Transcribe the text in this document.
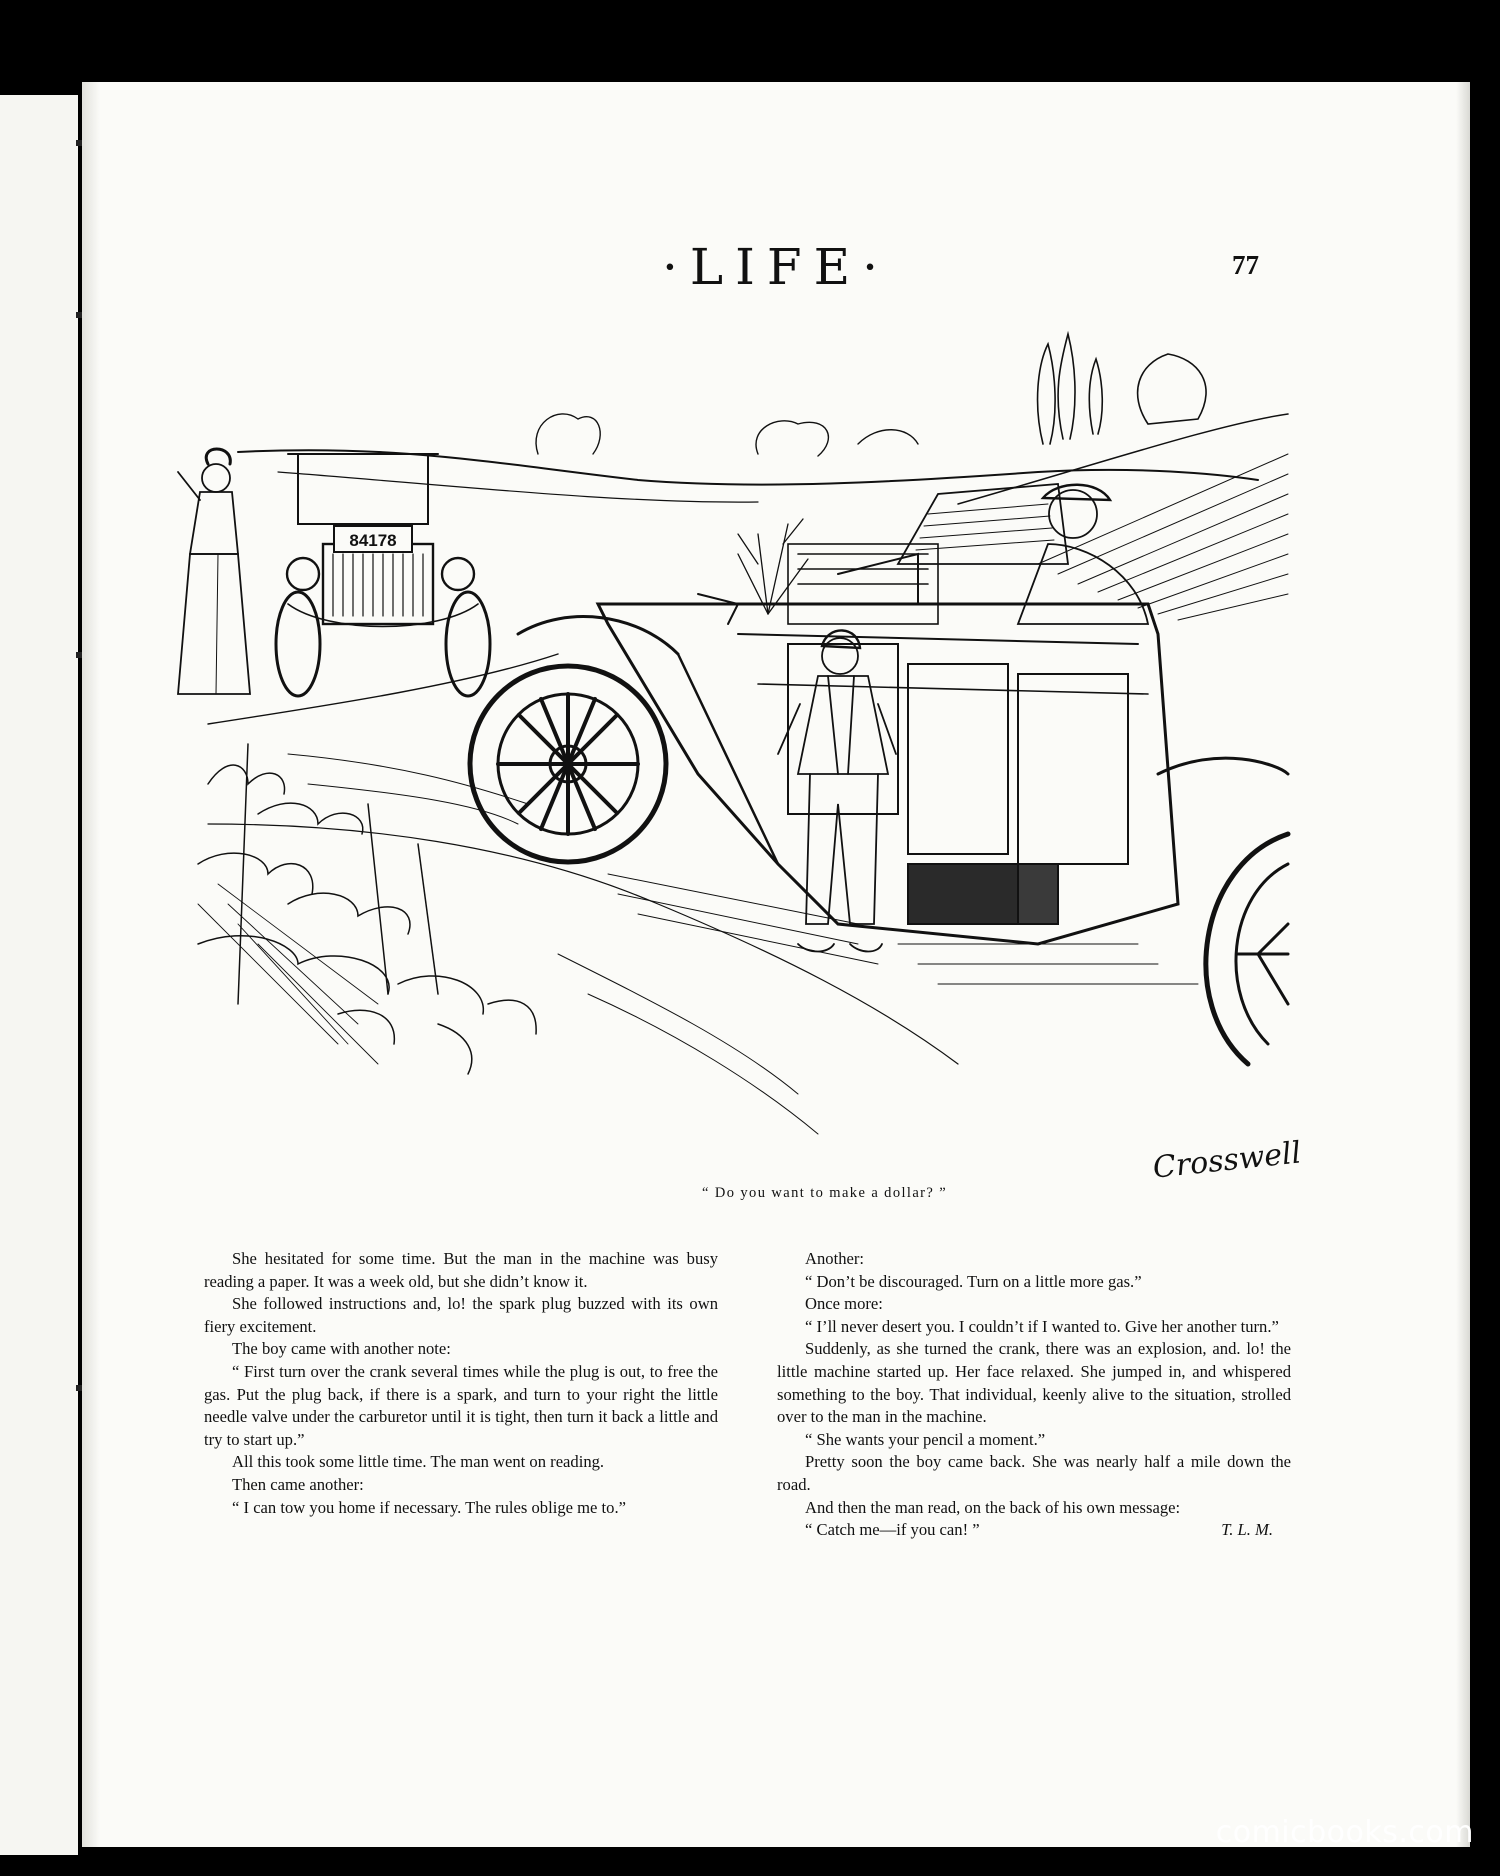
·LIFE·	77
84178
Crosswell
“ Do you want to make a dollar? ”

She hesitated for some time. But the man in the machine was busy reading a paper. It was a week old, but she didn’t know it.

She followed instructions and, lo! the spark plug buzzed with its own fiery excitement.

The boy came with another note:

“ First turn over the crank several times while the plug is out, to free the gas. Put the plug back, if there is a spark, and turn to your right the little needle valve under the carburetor until it is tight, then turn it back a little and try to start up.”

All this took some little time. The man went on reading.

Then came another:

“ I can tow you home if necessary. The rules oblige me to.”

Another:

“ Don’t be discouraged. Turn on a little more gas.”

Once more:

“ I’ll never desert you. I couldn’t if I wanted to. Give her another turn.”

Suddenly, as she turned the crank, there was an explosion, and. lo! the little machine started up. Her face relaxed. She jumped in, and whispered something to the boy. That individual, keenly alive to the situation, strolled over to the man in the machine.

“ She wants your pencil a moment.”

Pretty soon the boy came back. She was nearly half a mile down the road.

And then the man read, on the back of his own message:

“ Catch me—if you can! ”	T. L. M.

comicbooks.com
